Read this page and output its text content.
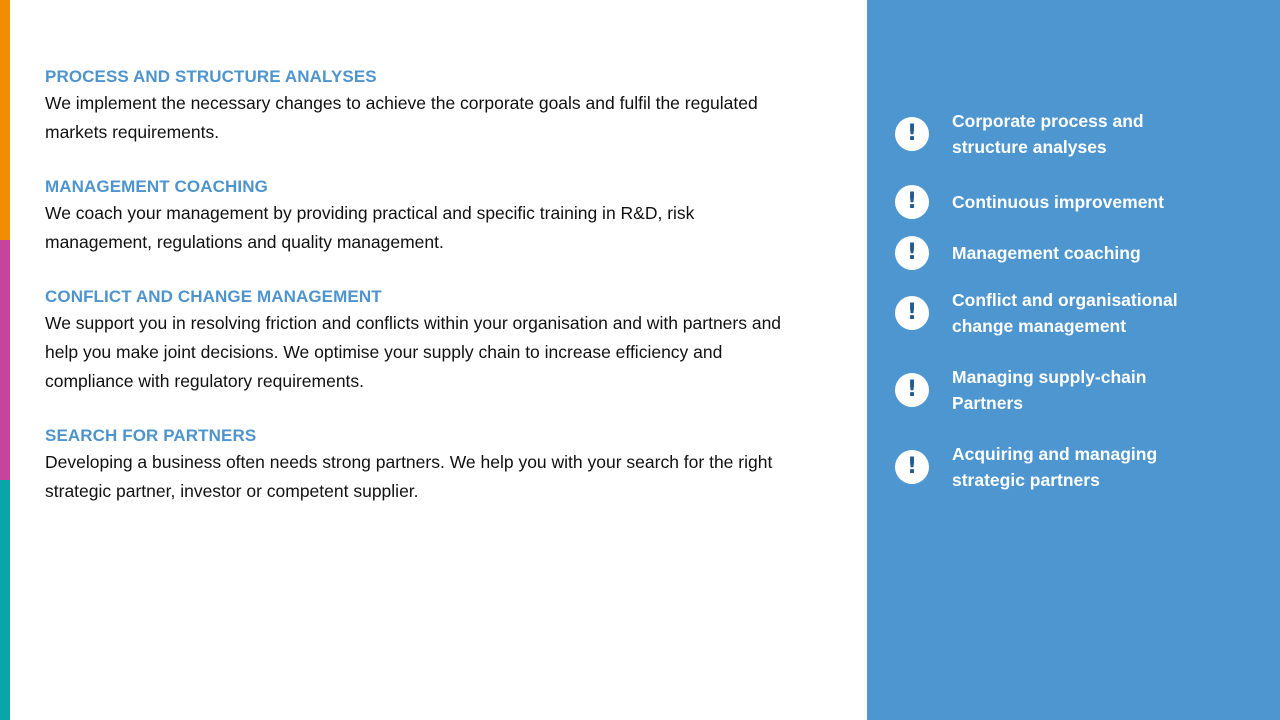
PROCESS AND STRUCTURE ANALYSES

We implement the necessary changes to achieve the corporate goals and fulfil the regulated markets requirements.

MANAGEMENT COACHING

We coach your management by providing practical and specific training in R&D, risk management, regulations and quality management.

CONFLICT AND CHANGE MANAGEMENT

We support you in resolving friction and conflicts within your organisation and with partners and help you make joint decisions. We optimise your supply chain to increase efficiency and compliance with regulatory requirements.

SEARCH FOR PARTNERS

Developing a business often needs strong partners. We help you with your search for the right strategic partner, investor or competent supplier.

!	Corporate process and structure analyses
!	Continuous improvement
!	Management coaching
!	Conflict and organisational change management
!	Managing supply-chain Partners
!	Acquiring and managing strategic partners
